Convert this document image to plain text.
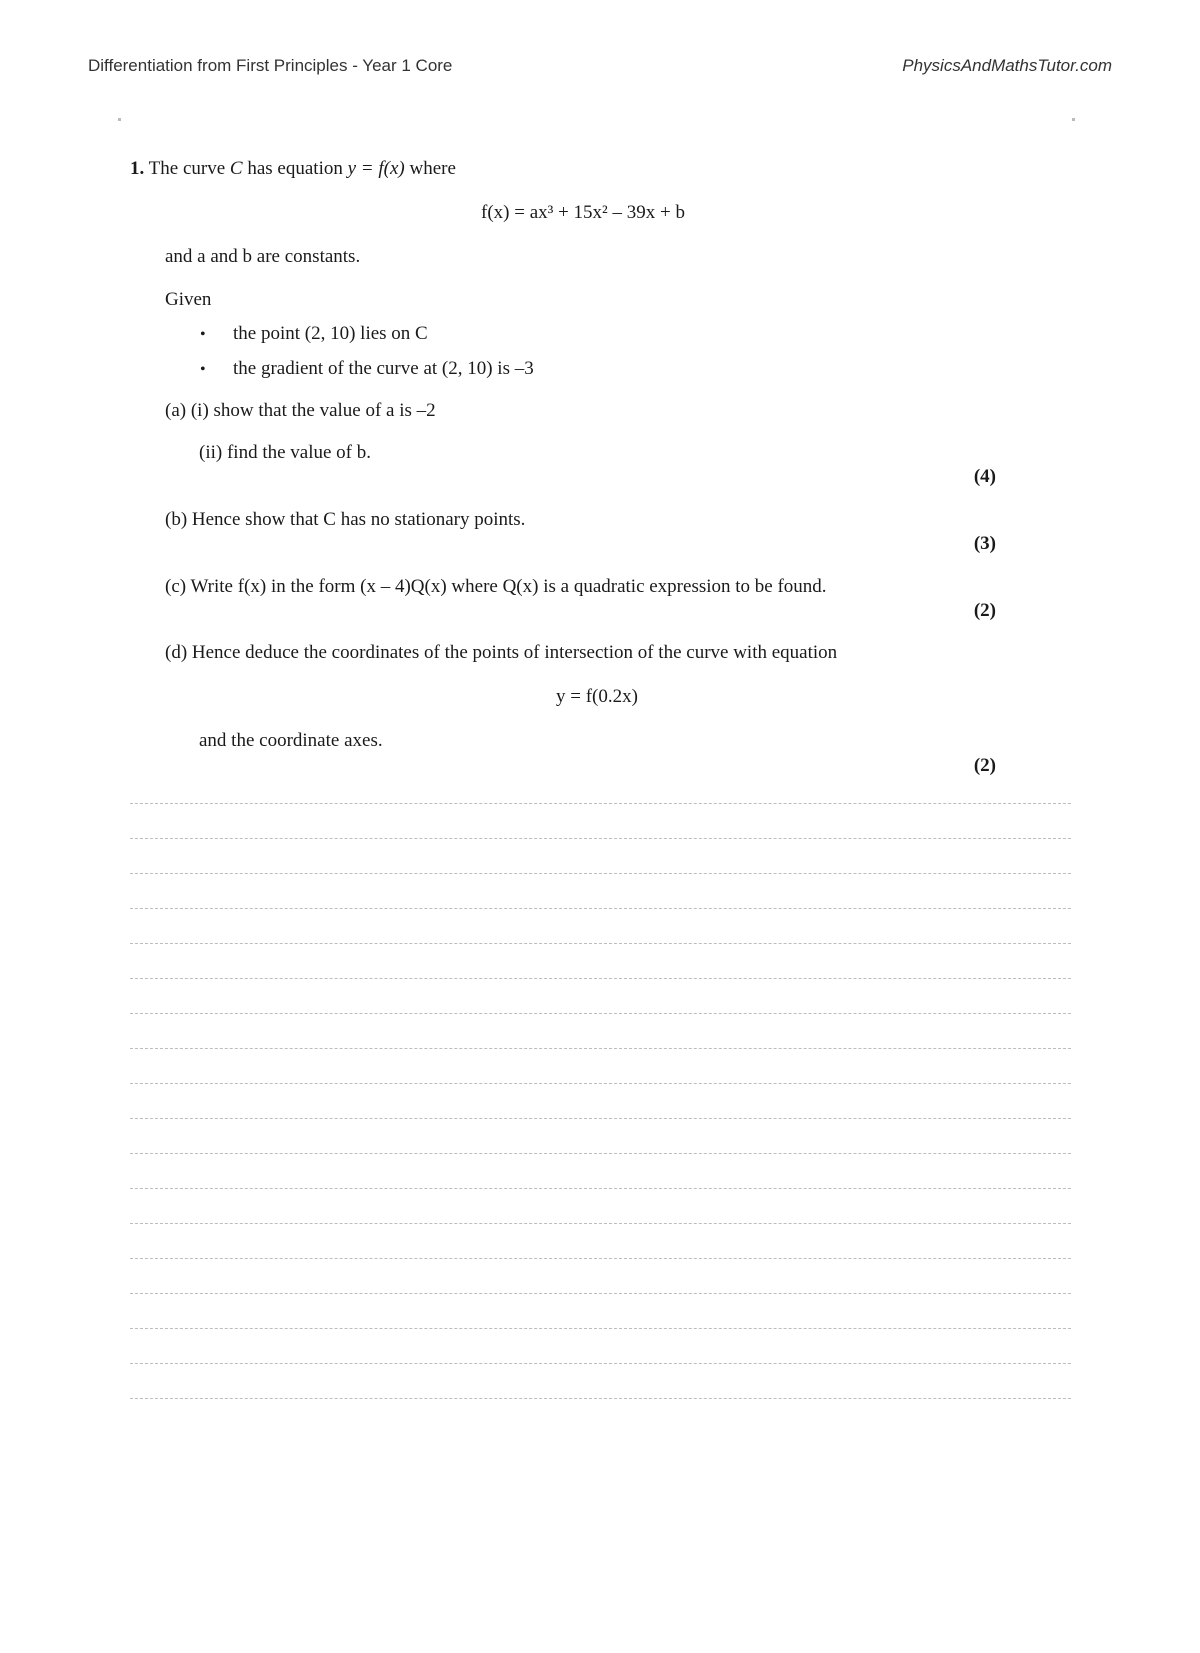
Differentiation from First Principles - Year 1 Core	PhysicsAndMathsTutor.com
1. The curve C has equation y = f(x) where
f(x) = ax³ + 15x² – 39x + b
and a and b are constants.
Given
• the point (2, 10) lies on C
• the gradient of the curve at (2, 10) is –3
(a) (i) show that the value of a is –2
(ii) find the value of b.
(4)
(b) Hence show that C has no stationary points.
(3)
(c) Write f(x) in the form (x – 4)Q(x) where Q(x) is a quadratic expression to be found.
(2)
(d) Hence deduce the coordinates of the points of intersection of the curve with equation
y = f(0.2x)
and the coordinate axes.
(2)
